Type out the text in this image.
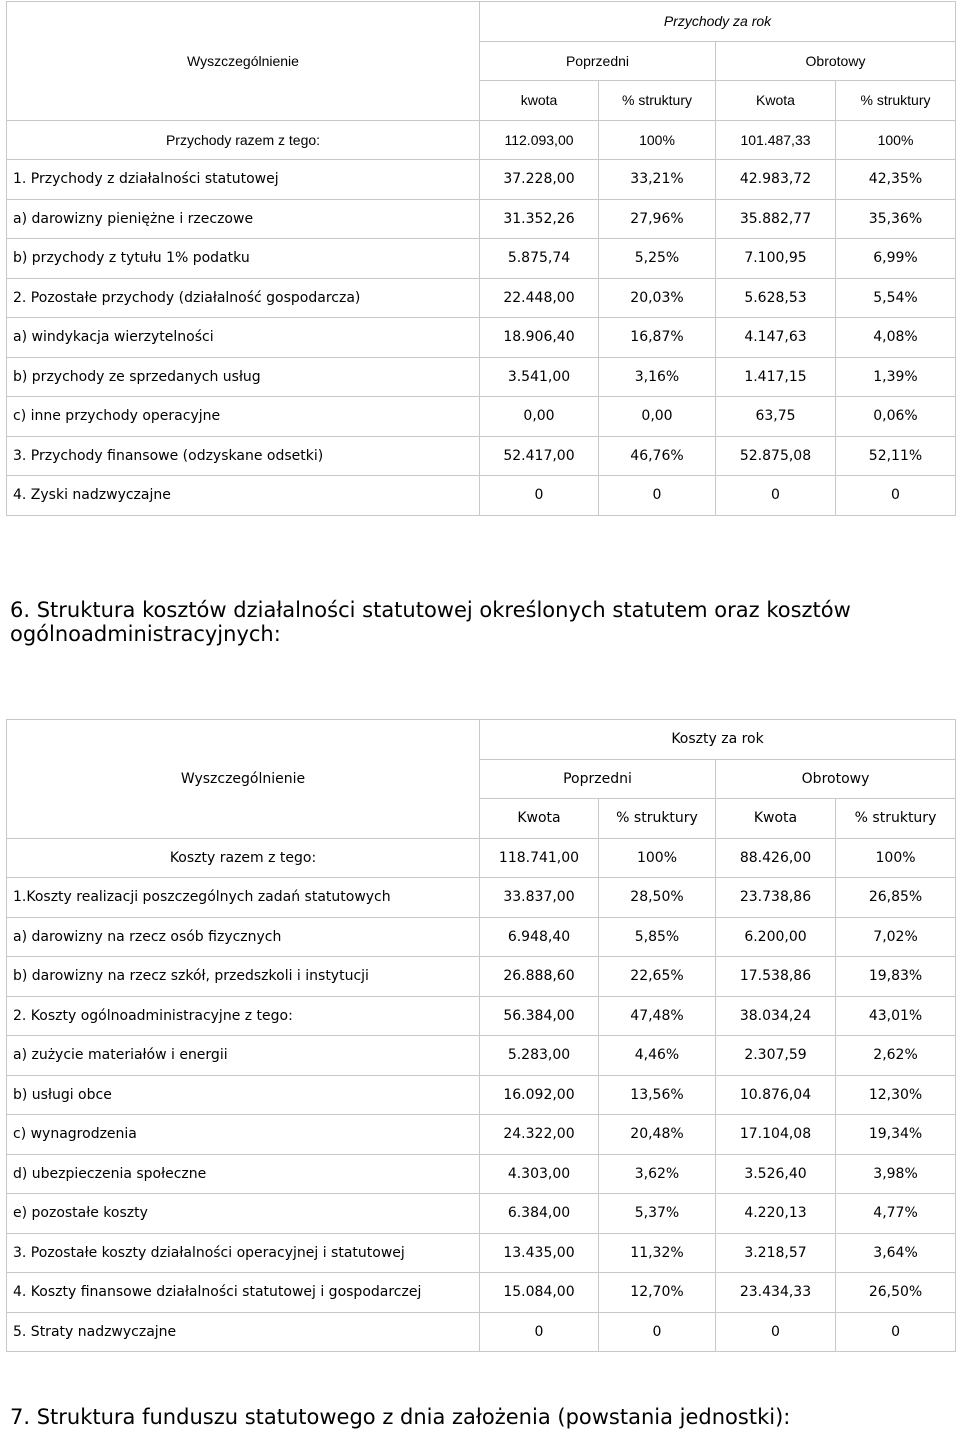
Wyszczególnienie	Przychody za rok			
	Poprzedni		Obrotowy	
	kwota	% struktury	Kwota	% struktury
Przychody razem z tego:	112.093,00	100%	101.487,33	100%
1. Przychody z działalności statutowej	37.228,00	33,21%	42.983,72	42,35%
a) darowizny pieniężne i rzeczowe	31.352,26	27,96%	35.882,77	35,36%
b) przychody z tytułu 1% podatku	5.875,74	5,25%	7.100,95	6,99%
2. Pozostałe przychody (działalność gospodarcza)	22.448,00	20,03%	5.628,53	5,54%
a) windykacja wierzytelności	18.906,40	16,87%	4.147,63	4,08%
b) przychody ze sprzedanych usług	3.541,00	3,16%	1.417,15	1,39%
c) inne przychody operacyjne	0,00	0,00	63,75	0,06%
3. Przychody finansowe (odzyskane odsetki)	52.417,00	46,76%	52.875,08	52,11%
4. Zyski nadzwyczajne	0	0	0	0
6. Struktura kosztów działalności statutowej określonych statutem oraz kosztów ogólnoadministracyjnych:
Wyszczególnienie	Koszty za rok			
	Poprzedni		Obrotowy	
	Kwota	% struktury	Kwota	% struktury
Koszty razem z tego:	118.741,00	100%	88.426,00	100%
1.Koszty realizacji poszczególnych zadań statutowych	33.837,00	28,50%	23.738,86	26,85%
a) darowizny na rzecz osób fizycznych	6.948,40	5,85%	6.200,00	7,02%
b) darowizny na rzecz szkół, przedszkoli i instytucji	26.888,60	22,65%	17.538,86	19,83%
2. Koszty ogólnoadministracyjne z tego:	56.384,00	47,48%	38.034,24	43,01%
a) zużycie materiałów i energii	5.283,00	4,46%	2.307,59	2,62%
b) usługi obce	16.092,00	13,56%	10.876,04	12,30%
c) wynagrodzenia	24.322,00	20,48%	17.104,08	19,34%
d) ubezpieczenia społeczne	4.303,00	3,62%	3.526,40	3,98%
e) pozostałe koszty	6.384,00	5,37%	4.220,13	4,77%
3. Pozostałe koszty działalności operacyjnej i statutowej	13.435,00	11,32%	3.218,57	3,64%
4. Koszty finansowe działalności statutowej i gospodarczej	15.084,00	12,70%	23.434,33	26,50%
5. Straty nadzwyczajne	0	0	0	0
7. Struktura funduszu statutowego z dnia założenia (powstania jednostki):
